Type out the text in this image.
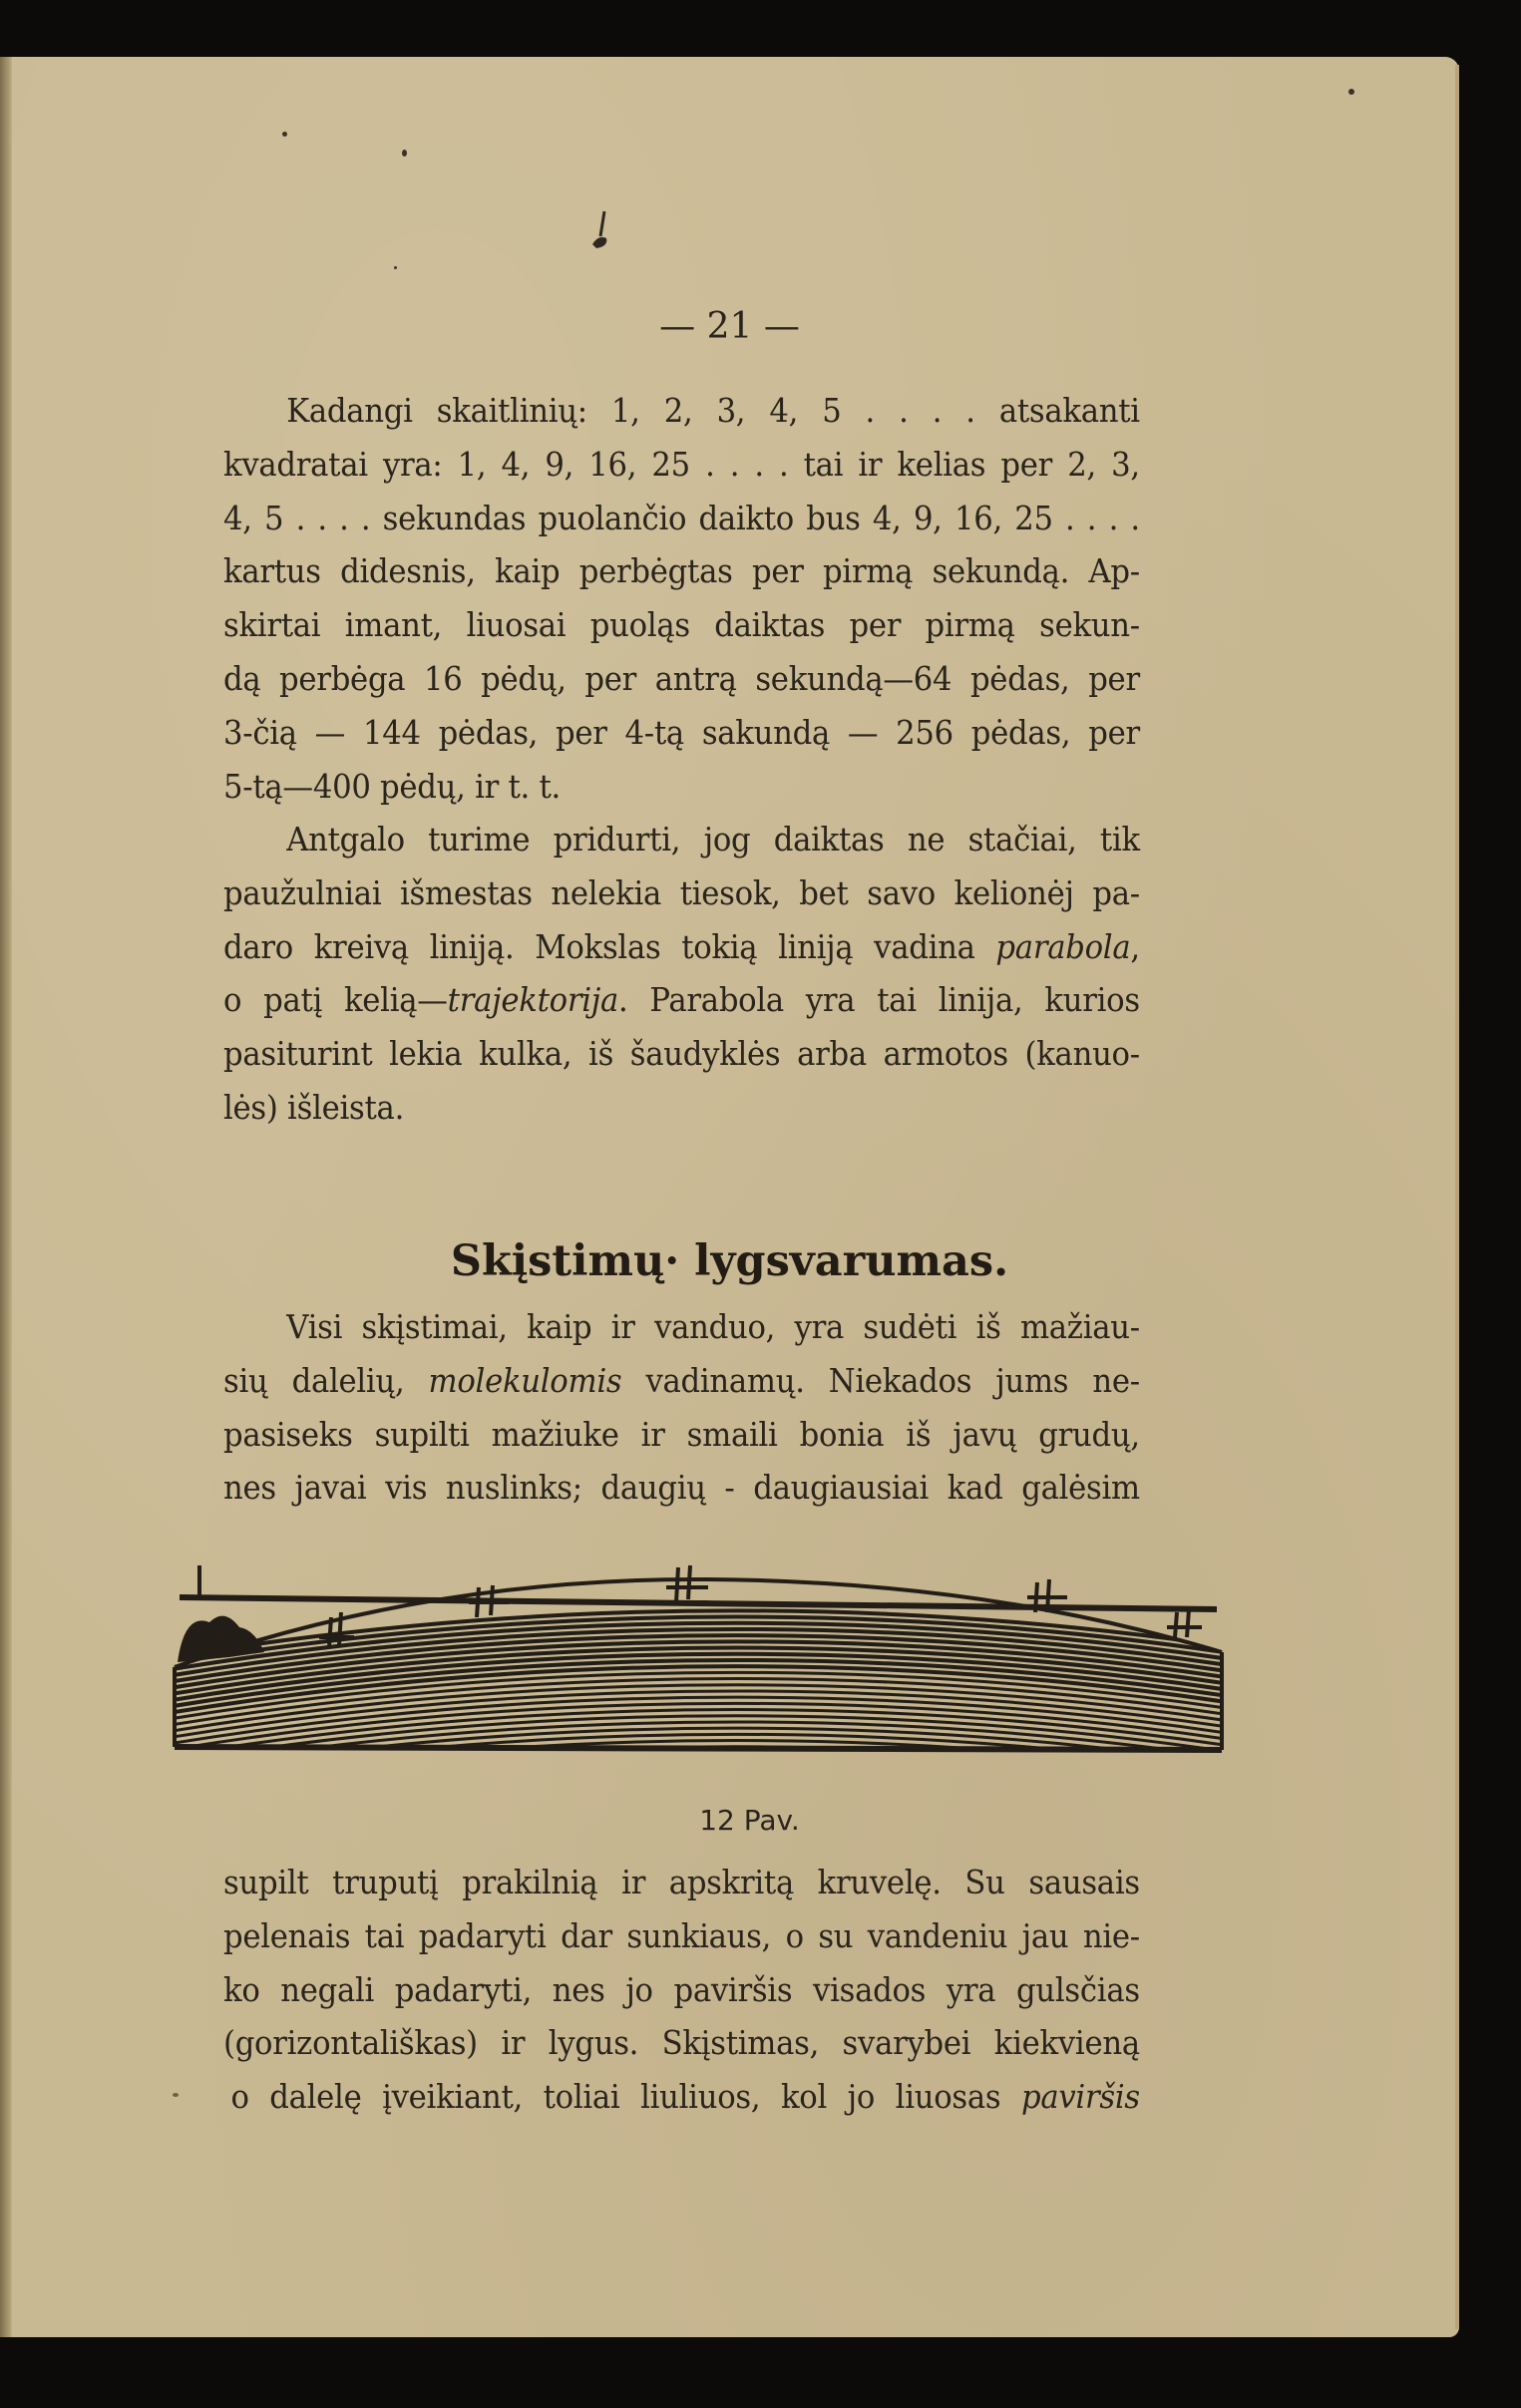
— 21 —
Kadangi skaitlinių: 1, 2, 3, 4, 5 . . . . atsakanti
kvadratai yra: 1, 4, 9, 16, 25 . . . . tai ir kelias per 2, 3,
4, 5 . . . . sekundas puolančio daikto bus 4, 9, 16, 25 . . . .
kartus didesnis, kaip perbėgtas per pirmą sekundą. Ap-
skirtai imant, liuosai puoląs daiktas per pirmą sekun-
dą perbėga 16 pėdų, per antrą sekundą—64 pėdas, per
3-čią — 144 pėdas, per 4-tą sakundą — 256 pėdas, per
5-tą—400 pėdų, ir t. t.
Antgalo turime pridurti, jog daiktas ne stačiai, tik
paužulniai išmestas nelekia tiesok, bet savo kelionėj pa-
daro kreivą liniją. Mokslas tokią liniją vadina parabola,
o patį kelią—trajektorija. Parabola yra tai linija, kurios
pasiturint lekia kulka, iš šaudyklės arba armotos (kanuo-
lės) išleista.
Skįstimų· lygsvarumas.
Visi skįstimai, kaip ir vanduo, yra sudėti iš mažiau-
sių dalelių, molekulomis vadinamų. Niekados jums ne-
pasiseks supilti mažiuke ir smaili bonia iš javų grudų,
nes javai vis nuslinks; daugių - daugiausiai kad galėsim
12 Pav.
supilt truputį prakilnią ir apskritą kruvelę. Su sausais
pelenais tai padaryti dar sunkiaus, o su vandeniu jau nie-
ko negali padaryti, nes jo paviršis visados yra gulsčias
(gorizontališkas) ir lygus. Skįstimas, svarybei kiekvieną
o dalelę įveikiant, toliai liuliuos, kol jo liuosas paviršis
